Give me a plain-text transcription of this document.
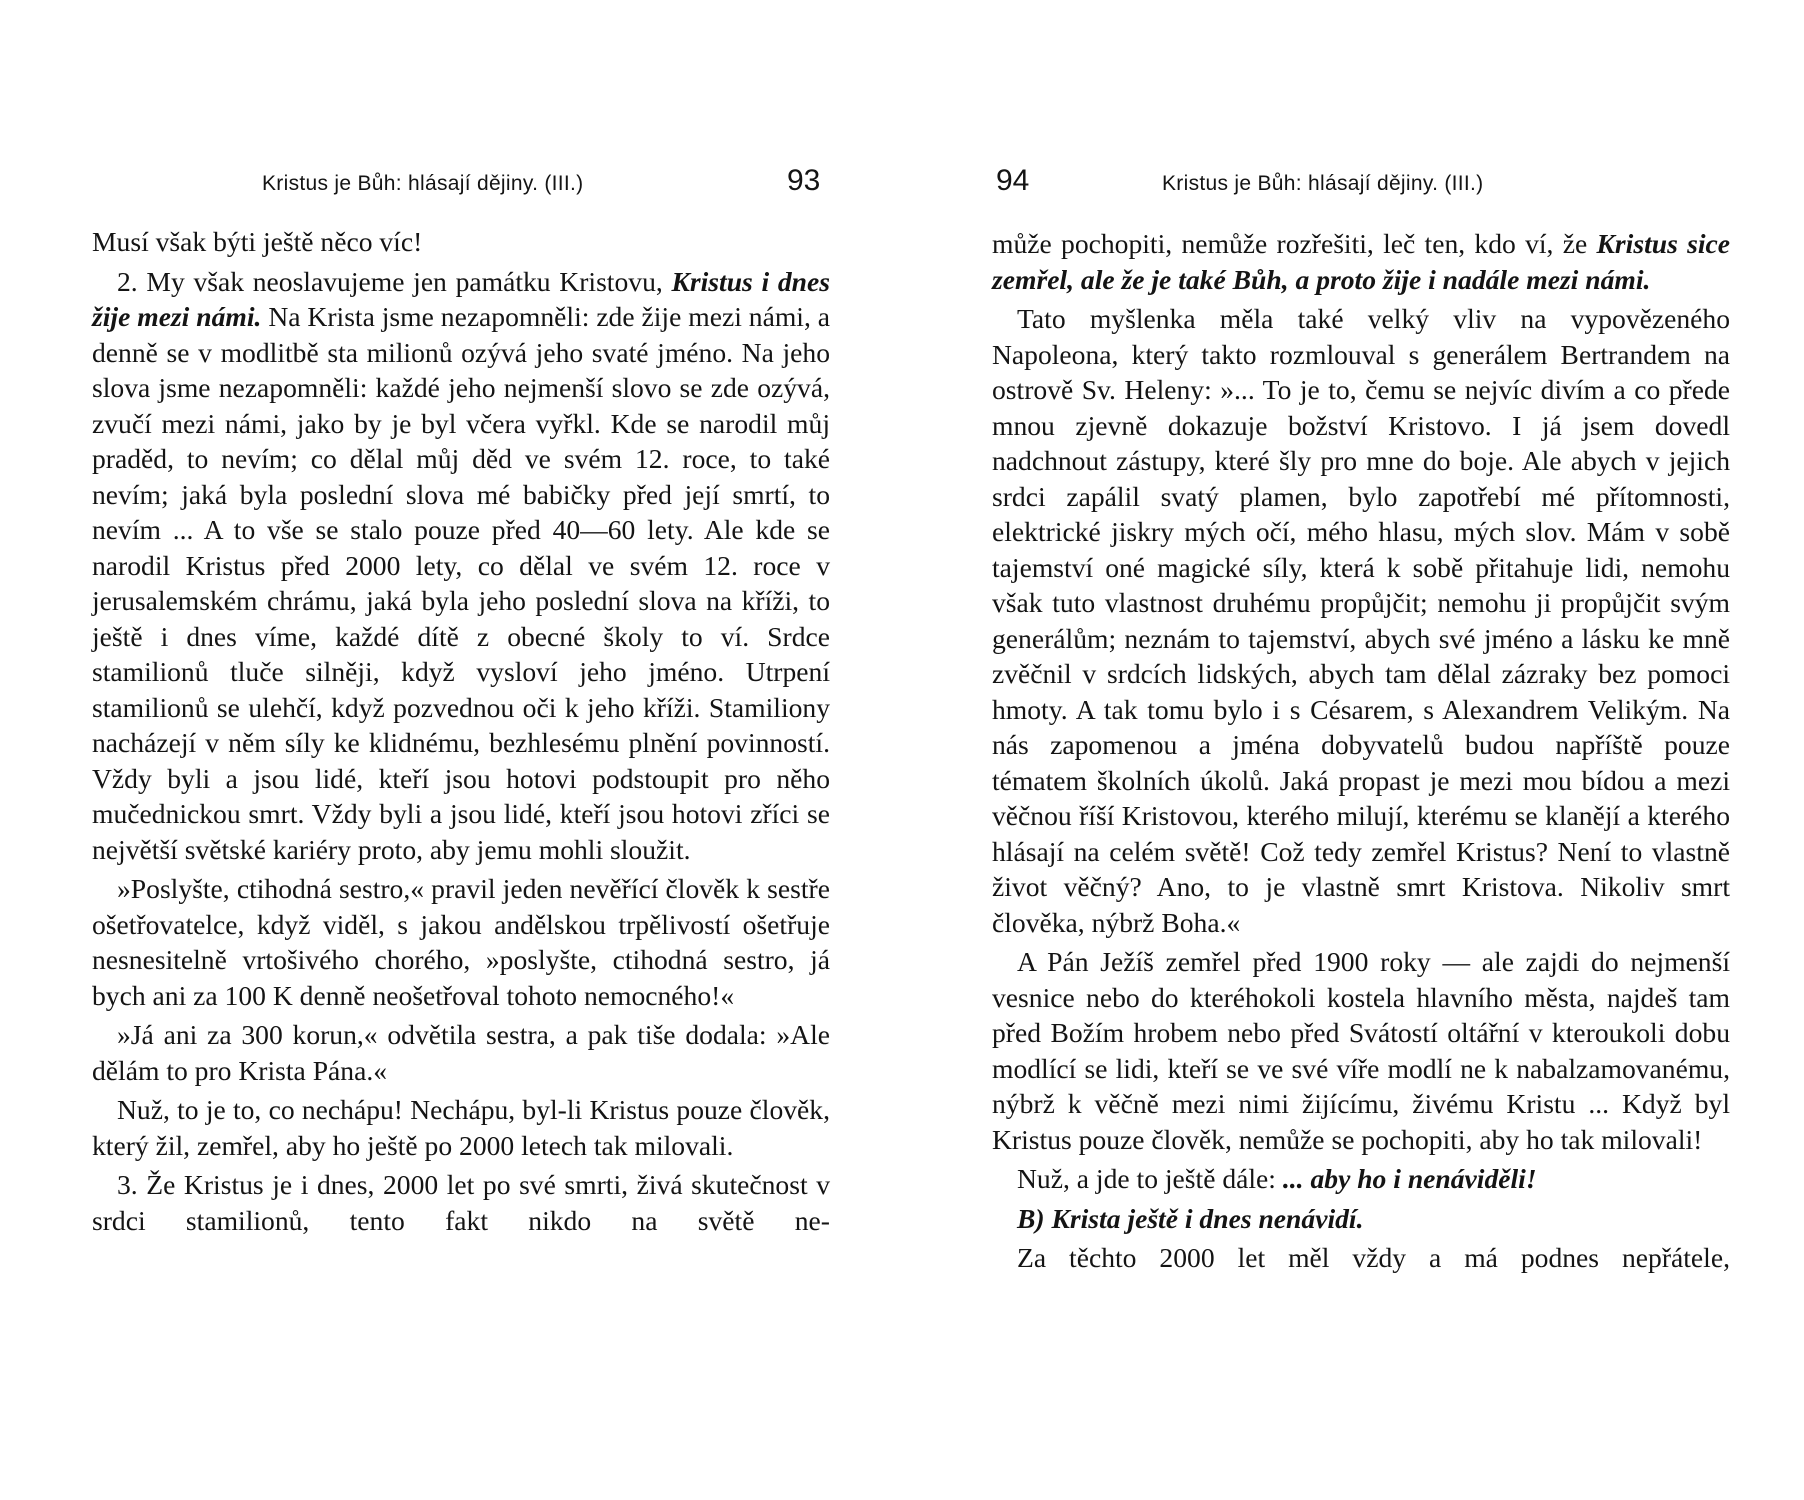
Kristus je Bůh: hlásají dějiny. (III.)	93

Musí však býti ještě něco víc!

2. My však neoslavujeme jen památku Kristovu, Kristus i dnes žije mezi námi. Na Krista jsme nezapomněli: zde žije mezi námi, a denně se v modlitbě sta milionů ozývá jeho svaté jméno. Na jeho slova jsme nezapomněli: každé jeho nejmenší slovo se zde ozývá, zvučí mezi námi, jako by je byl včera vyřkl. Kde se narodil můj praděd, to nevím; co dělal můj děd ve svém 12. roce, to také nevím; jaká byla poslední slova mé babičky před její smrtí, to nevím ... A to vše se stalo pouze před 40—60 lety. Ale kde se narodil Kristus před 2000 lety, co dělal ve svém 12. roce v jerusalemském chrámu, jaká byla jeho poslední slova na kříži, to ještě i dnes víme, každé dítě z obecné školy to ví. Srdce stamilionů tluče silněji, když vysloví jeho jméno. Utrpení stamilionů se ulehčí, když pozvednou oči k jeho kříži. Stamiliony nacházejí v něm síly ke klidnému, bezhlesému plnění povinností. Vždy byli a jsou lidé, kteří jsou hotovi podstoupit pro něho mučednickou smrt. Vždy byli a jsou lidé, kteří jsou hotovi zříci se největší světské kariéry proto, aby jemu mohli sloužit.

»Poslyšte, ctihodná sestro,« pravil jeden nevěřící člověk k sestře ošetřovatelce, když viděl, s jakou andělskou trpělivostí ošetřuje nesnesitelně vrtošivého chorého, »poslyšte, ctihodná sestro, já bych ani za 100 K denně neošetřoval tohoto nemocného!«

»Já ani za 300 korun,« odvětila sestra, a pak tiše dodala: »Ale dělám to pro Krista Pána.«

Nuž, to je to, co nechápu! Nechápu, byl-li Kristus pouze člověk, který žil, zemřel, aby ho ještě po 2000 letech tak milovali.

3. Že Kristus je i dnes, 2000 let po své smrti, živá skutečnost v srdci stamilionů, tento fakt nikdo na světě ne-

94	Kristus je Bůh: hlásají dějiny. (III.)

může pochopiti, nemůže rozřešiti, leč ten, kdo ví, že Kristus sice zemřel, ale že je také Bůh, a proto žije i nadále mezi námi.

Tato myšlenka měla také velký vliv na vypovězeného Napoleona, který takto rozmlouval s generálem Bertrandem na ostrově Sv. Heleny: »... To je to, čemu se nejvíc divím a co přede mnou zjevně dokazuje božství Kristovo. I já jsem dovedl nadchnout zástupy, které šly pro mne do boje. Ale abych v jejich srdci zapálil svatý plamen, bylo zapotřebí mé přítomnosti, elektrické jiskry mých očí, mého hlasu, mých slov. Mám v sobě tajemství oné magické síly, která k sobě přitahuje lidi, nemohu však tuto vlastnost druhému propůjčit; nemohu ji propůjčit svým generálům; neznám to tajemství, abych své jméno a lásku ke mně zvěčnil v srdcích lidských, abych tam dělal zázraky bez pomoci hmoty. A tak tomu bylo i s Césarem, s Alexandrem Velikým. Na nás zapomenou a jména dobyvatelů budou napříště pouze tématem školních úkolů. Jaká propast je mezi mou bídou a mezi věčnou říší Kristovou, kterého milují, kterému se klanějí a kterého hlásají na celém světě! Což tedy zemřel Kristus? Není to vlastně život věčný? Ano, to je vlastně smrt Kristova. Nikoliv smrt člověka, nýbrž Boha.«

A Pán Ježíš zemřel před 1900 roky — ale zajdi do nejmenší vesnice nebo do kteréhokoli kostela hlavního města, najdeš tam před Božím hrobem nebo před Svátostí oltářní v kteroukoli dobu modlící se lidi, kteří se ve své víře modlí ne k nabalzamovanému, nýbrž k věčně mezi nimi žijícímu, živému Kristu ... Když byl Kristus pouze člověk, nemůže se pochopiti, aby ho tak milovali!

Nuž, a jde to ještě dále: ... aby ho i nenáviděli!

B) Krista ještě i dnes nenávidí.

Za těchto 2000 let měl vždy a má podnes nepřátele,
